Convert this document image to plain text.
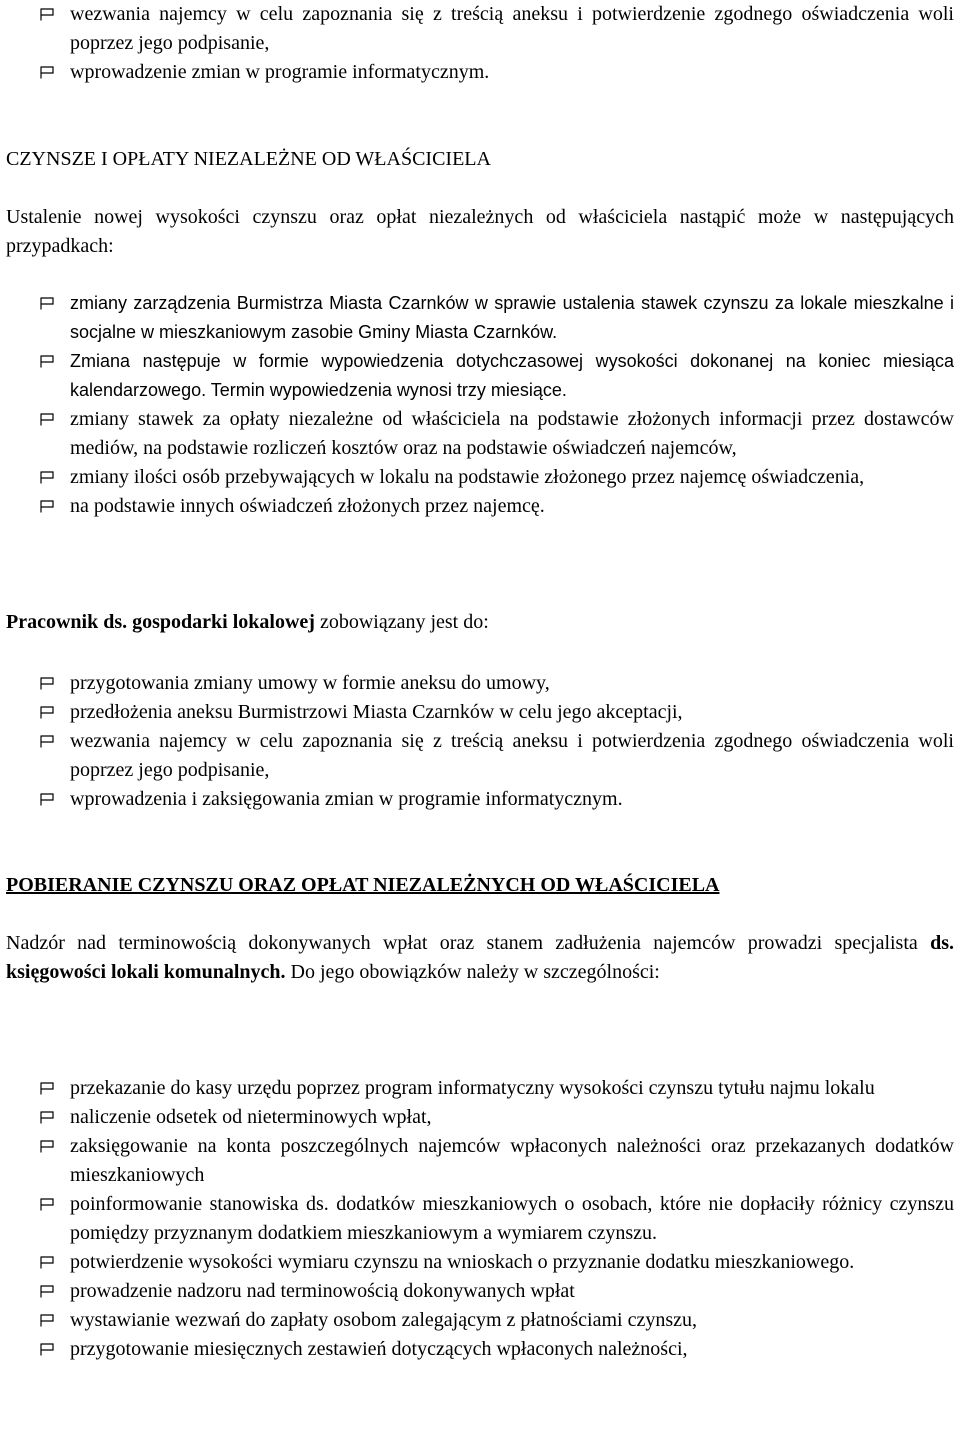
wezwania najemcy w celu zapoznania się z treścią aneksu i potwierdzenie zgodnego oświadczenia woli poprzez jego podpisanie,
wprowadzenie zmian w programie informatycznym.
CZYNSZE I OPŁATY NIEZALEŻNE OD WŁAŚCICIELA

Ustalenie nowej wysokości czynszu oraz opłat niezależnych od właściciela nastąpić może w następujących przypadkach:

zmiany zarządzenia Burmistrza Miasta Czarnków w sprawie ustalenia stawek czynszu za lokale mieszkalne i socjalne w mieszkaniowym zasobie Gminy Miasta Czarnków.
Zmiana następuje w formie wypowiedzenia dotychczasowej wysokości dokonanej na koniec miesiąca kalendarzowego. Termin wypowiedzenia wynosi trzy miesiące.
zmiany stawek za opłaty niezależne od właściciela na podstawie złożonych informacji przez dostawców mediów, na podstawie rozliczeń kosztów oraz na podstawie oświadczeń najemców,
zmiany ilości osób przebywających w lokalu na podstawie złożonego przez najemcę oświadczenia,
na podstawie innych oświadczeń złożonych przez najemcę.

Pracownik ds. gospodarki lokalowej zobowiązany jest do:

przygotowania zmiany umowy w formie aneksu do umowy,
przedłożenia aneksu Burmistrzowi Miasta Czarnków w celu jego akceptacji,
wezwania najemcy w celu zapoznania się z treścią aneksu i potwierdzenia zgodnego oświadczenia woli poprzez jego podpisanie,
wprowadzenia i zaksięgowania zmian w programie informatycznym.
POBIERANIE CZYNSZU ORAZ OPŁAT NIEZALEŻNYCH OD WŁAŚCICIELA

Nadzór nad terminowością dokonywanych wpłat oraz stanem zadłużenia najemców prowadzi specjalista ds. księgowości lokali komunalnych. Do jego obowiązków należy w szczególności:

przekazanie do kasy urzędu poprzez program informatyczny wysokości czynszu tytułu najmu lokalu
naliczenie odsetek od nieterminowych wpłat,
zaksięgowanie na konta poszczególnych najemców wpłaconych należności oraz przekazanych dodatków mieszkaniowych
poinformowanie stanowiska ds. dodatków mieszkaniowych o osobach, które nie dopłaciły różnicy czynszu pomiędzy przyznanym dodatkiem mieszkaniowym a wymiarem czynszu.
potwierdzenie wysokości wymiaru czynszu na wnioskach o przyznanie dodatku mieszkaniowego.
prowadzenie nadzoru nad terminowością dokonywanych wpłat
wystawianie wezwań do zapłaty osobom zalegającym z płatnościami czynszu,
przygotowanie miesięcznych zestawień dotyczących wpłaconych należności,
